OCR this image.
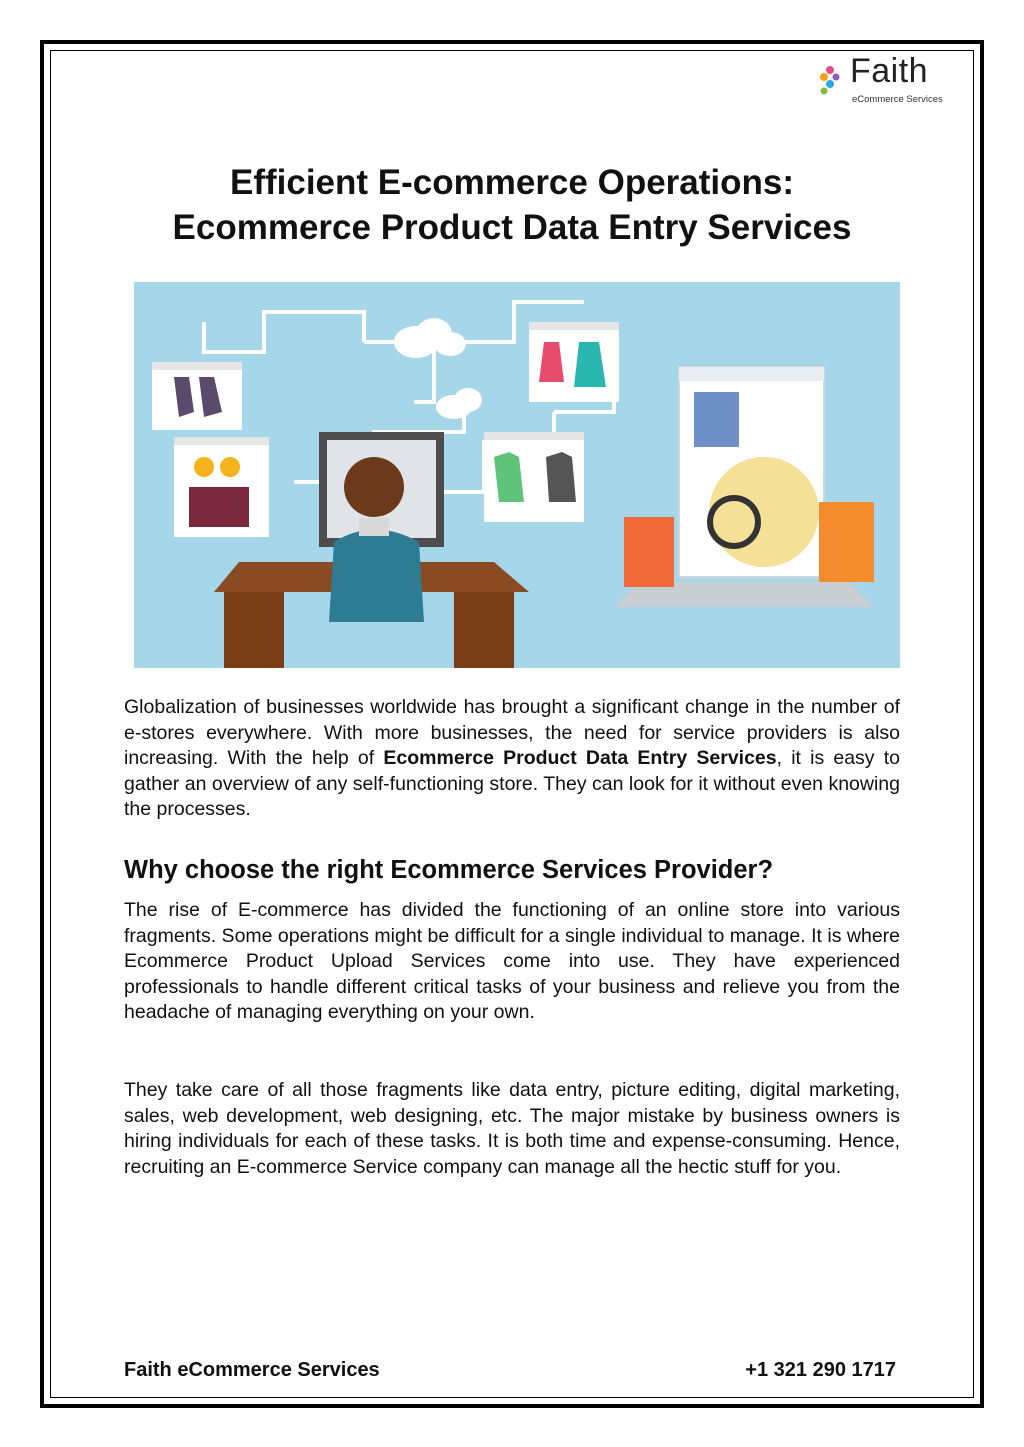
Faith
eCommerce Services
Efficient E-commerce Operations:
Ecommerce Product Data Entry Services

Globalization of businesses worldwide has brought a significant change in the number of e-stores everywhere. With more businesses, the need for service providers is also increasing. With the help of Ecommerce Product Data Entry Services, it is easy to gather an overview of any self-functioning store. They can look for it without even knowing the processes.

Why choose the right Ecommerce Services Provider?

The rise of E-commerce has divided the functioning of an online store into various fragments. Some operations might be difficult for a single individual to manage. It is where Ecommerce Product Upload Services come into use. They have experienced professionals to handle different critical tasks of your business and relieve you from the headache of managing everything on your own.

They take care of all those fragments like data entry, picture editing, digital marketing, sales, web development, web designing, etc. The major mistake by business owners is hiring individuals for each of these tasks. It is both time and expense-consuming. Hence, recruiting an E-commerce Service company can manage all the hectic stuff for you.

Faith eCommerce Services	+1 321 290 1717
